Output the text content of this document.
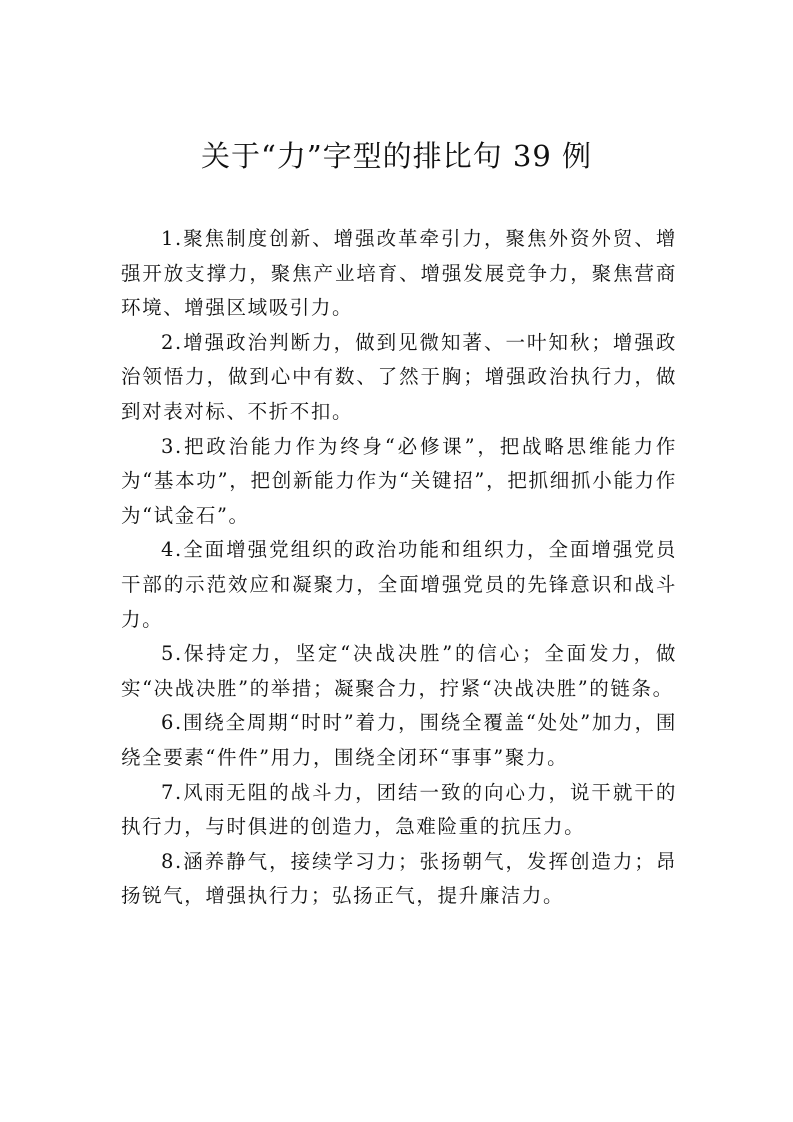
关于“力”字型的排比句 39 例

1.聚焦制度创新、增强改革牵引力，聚焦外资外贸、增强开放支撑力，聚焦产业培育、增强发展竞争力，聚焦营商环境、增强区域吸引力。

2.增强政治判断力，做到见微知著、一叶知秋；增强政治领悟力，做到心中有数、了然于胸；增强政治执行力，做到对表对标、不折不扣。

3.把政治能力作为终身“必修课”，把战略思维能力作为“基本功”，把创新能力作为“关键招”，把抓细抓小能力作为“试金石”。

4.全面增强党组织的政治功能和组织力，全面增强党员干部的示范效应和凝聚力，全面增强党员的先锋意识和战斗力。

5.保持定力，坚定“决战决胜”的信心；全面发力，做实“决战决胜”的举措；凝聚合力，拧紧“决战决胜”的链条。

6.围绕全周期“时时”着力，围绕全覆盖“处处”加力，围绕全要素“件件”用力，围绕全闭环“事事”聚力。

7.风雨无阻的战斗力，团结一致的向心力，说干就干的执行力，与时俱进的创造力，急难险重的抗压力。

8.涵养静气，接续学习力；张扬朝气，发挥创造力；昂扬锐气，增强执行力；弘扬正气，提升廉洁力。
